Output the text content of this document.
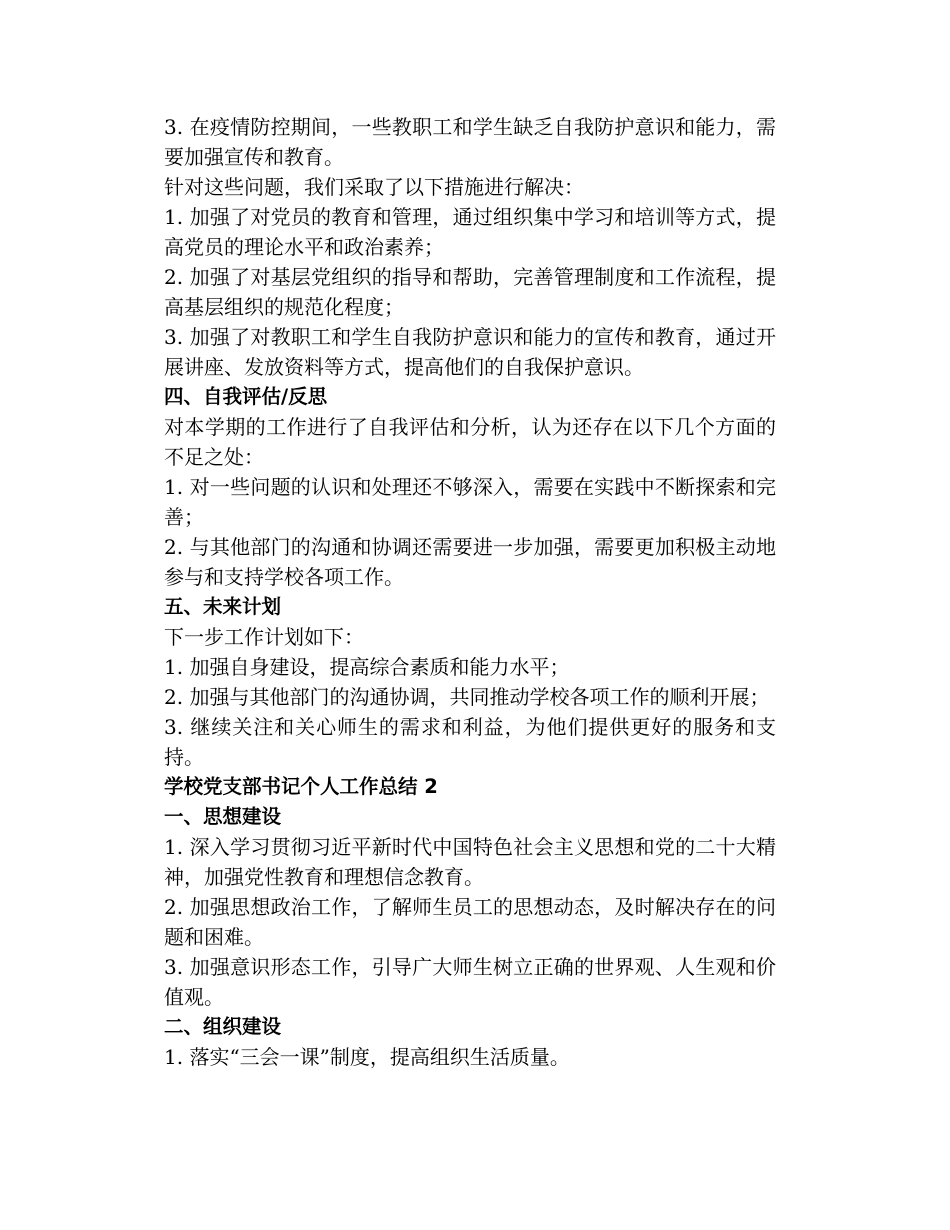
3. 在疫情防控期间，一些教职工和学生缺乏自我防护意识和能力，需要加强宣传和教育。

针对这些问题，我们采取了以下措施进行解决：

1. 加强了对党员的教育和管理，通过组织集中学习和培训等方式，提高党员的理论水平和政治素养；

2. 加强了对基层党组织的指导和帮助，完善管理制度和工作流程，提高基层组织的规范化程度；

3. 加强了对教职工和学生自我防护意识和能力的宣传和教育，通过开展讲座、发放资料等方式，提高他们的自我保护意识。

四、自我评估/反思

对本学期的工作进行了自我评估和分析，认为还存在以下几个方面的不足之处：

1. 对一些问题的认识和处理还不够深入，需要在实践中不断探索和完善；

2. 与其他部门的沟通和协调还需要进一步加强，需要更加积极主动地参与和支持学校各项工作。

五、未来计划

下一步工作计划如下：

1. 加强自身建设，提高综合素质和能力水平；

2. 加强与其他部门的沟通协调，共同推动学校各项工作的顺利开展；

3. 继续关注和关心师生的需求和利益，为他们提供更好的服务和支持。

学校党支部书记个人工作总结 2

一、思想建设

1. 深入学习贯彻习近平新时代中国特色社会主义思想和党的二十大精神，加强党性教育和理想信念教育。

2. 加强思想政治工作，了解师生员工的思想动态，及时解决存在的问题和困难。

3. 加强意识形态工作，引导广大师生树立正确的世界观、人生观和价值观。

二、组织建设

1. 落实“三会一课”制度，提高组织生活质量。
